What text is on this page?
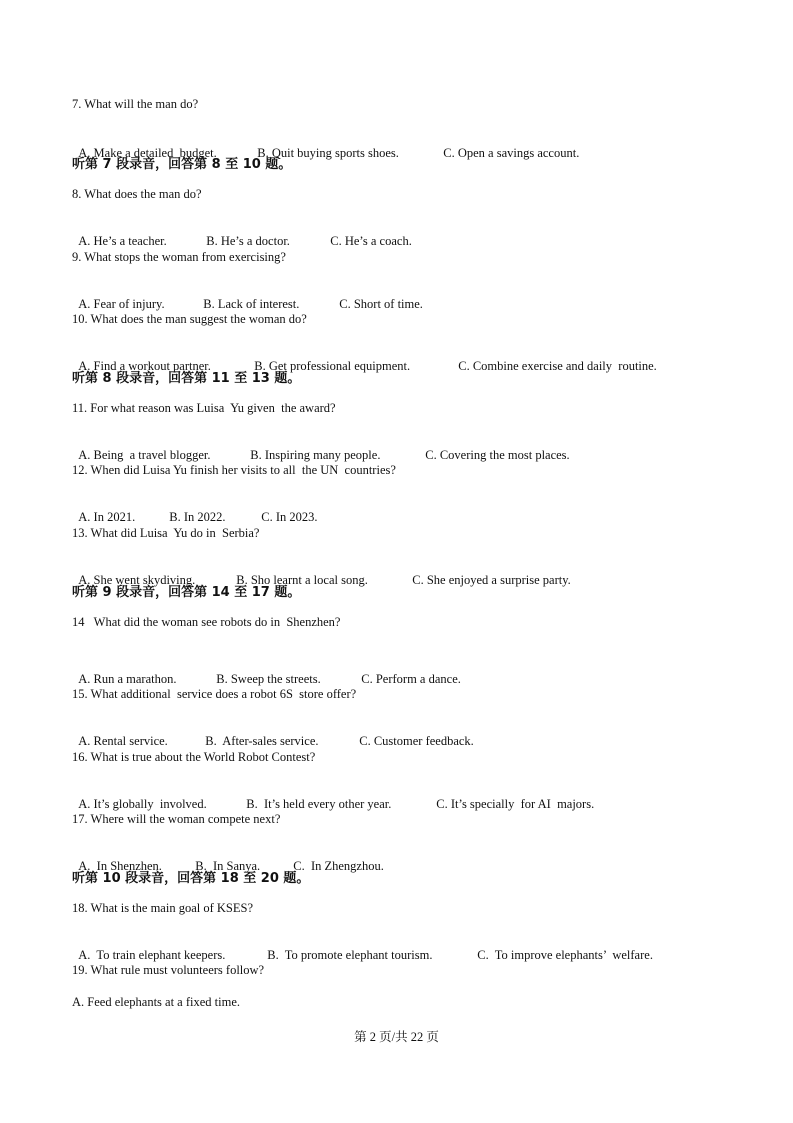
7. What will the man do?

A. Make a detailed  budget.	B. Quit buying sports shoes.	C. Open a savings account.

听第 7 段录音，回答第 8 至 10 题。
8. What does the man do?

A. He’s a teacher.	B. He’s a doctor.	C. He’s a coach.

9. What stops the woman from exercising?

A. Fear of injury.	B. Lack of interest.	C. Short of time.

10. What does the man suggest the woman do?

A. Find a workout partner.	B. Get professional equipment.	C. Combine exercise and daily  routine.

听第 8 段录音，回答第 11 至 13 题。
11. For what reason was Luisa  Yu given  the award?

A. Being  a travel blogger.	B. Inspiring many people.	C. Covering the most places.

12. When did Luisa Yu finish her visits to all  the UN  countries?

A. In 2021.	B. In 2022.	C. In 2023.

13. What did Luisa  Yu do in  Serbia?

A. She went skydiving.	B. Sho learnt a local song.	C. She enjoyed a surprise party.

听第 9 段录音，回答第 14 至 17 题。
14   What did the woman see robots do in  Shenzhen?

A. Run a marathon.	B. Sweep the streets.	C. Perform a dance.

15. What additional  service does a robot 6S  store offer?

A. Rental service.	B.  After-sales service.	C. Customer feedback.

16. What is true about the World Robot Contest?

A. It’s globally  involved.	B.  It’s held every other year.	C. It’s specially  for AI  majors.

17. Where will the woman compete next?

A.  In Shenzhen.	B.  In Sanya.	C.  In Zhengzhou.

听第 10 段录音，回答第 18 至 20 题。
18. What is the main goal of KSES?

A.  To train elephant keepers.	B.  To promote elephant tourism.	C.  To improve elephants’  welfare.

19. What rule must volunteers follow?
A. Feed elephants at a fixed time.
第 2 页/共 22 页
